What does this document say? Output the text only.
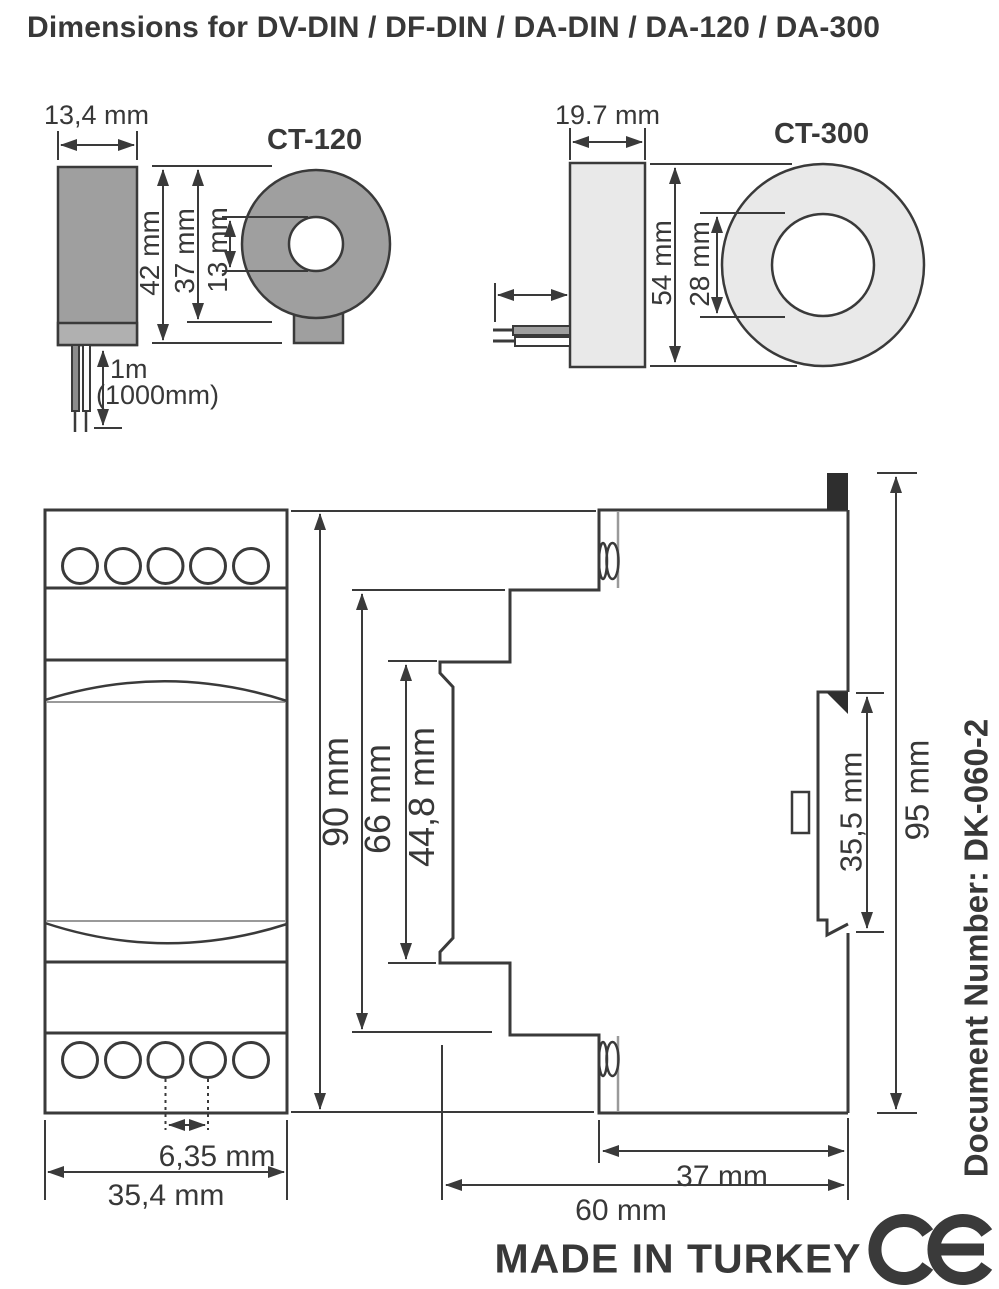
Dimensions for DV-DIN / DF-DIN / DA-DIN / DA-120 / DA-300
13,4 mm
CT-120
42 mm 37 mm 13 mm
1m
(1000mm)
19.7 mm
CT-300
54 mm 28 mm
90 mm
6,35 mm
35,4 mm
66 mm 44,8 mm	35,5 mm 95 mm
37 mm
60 mm
Document Number: DK-060-2
MADE IN TURKEY
